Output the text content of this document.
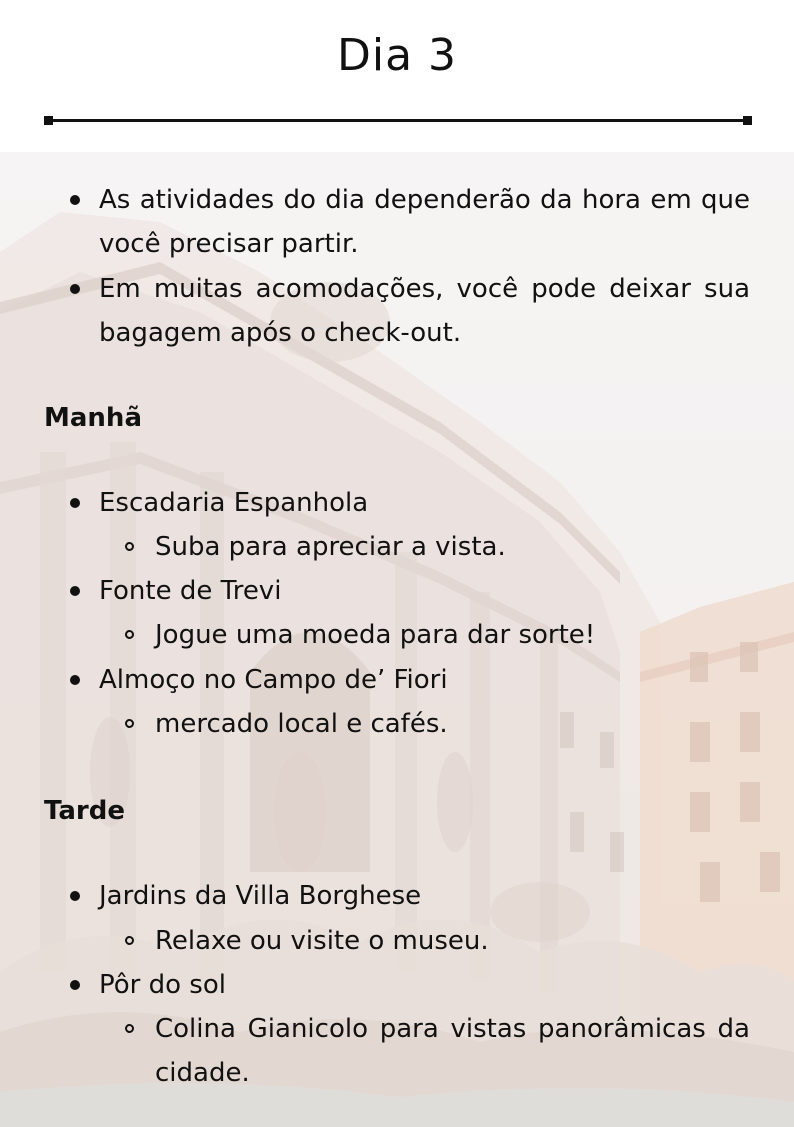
Dia 3
As atividades do dia dependerão da hora em que você precisar partir.
Em muitas acomodações, você pode deixar sua bagagem após o check-out.
Manhã
Escadaria Espanhola
Suba para apreciar a vista.
Fonte de Trevi
Jogue uma moeda para dar sorte!
Almoço no Campo de’ Fiori
mercado local e cafés.
Tarde
Jardins da Villa Borghese
Relaxe ou visite o museu.
Pôr do sol
Colina Gianicolo para vistas panorâmicas da cidade.
